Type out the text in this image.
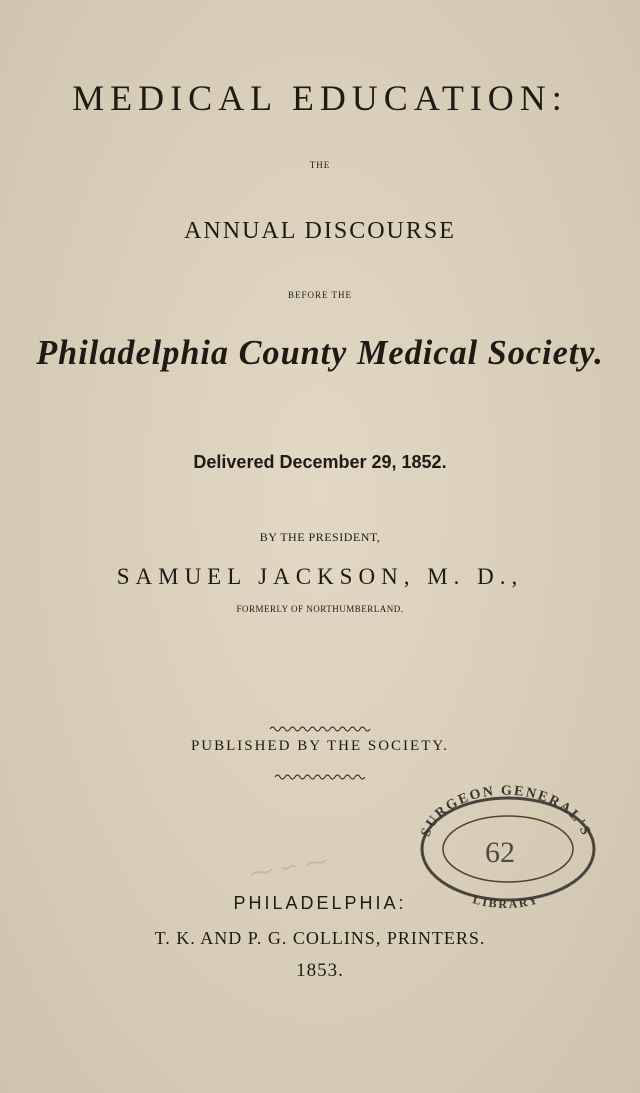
MEDICAL EDUCATION:
THE
ANNUAL DISCOURSE
BEFORE THE
Philadelphia County Medical Society.
Delivered December 29, 1852.
BY THE PRESIDENT,
SAMUEL JACKSON, M. D.,
FORMERLY OF NORTHUMBERLAND.
PUBLISHED BY THE SOCIETY.
⁓ ∽ ⁓
SURGEON GENERAL'S
LIBRARY
62
PHILADELPHIA:
T. K. AND P. G. COLLINS, PRINTERS.
1853.
